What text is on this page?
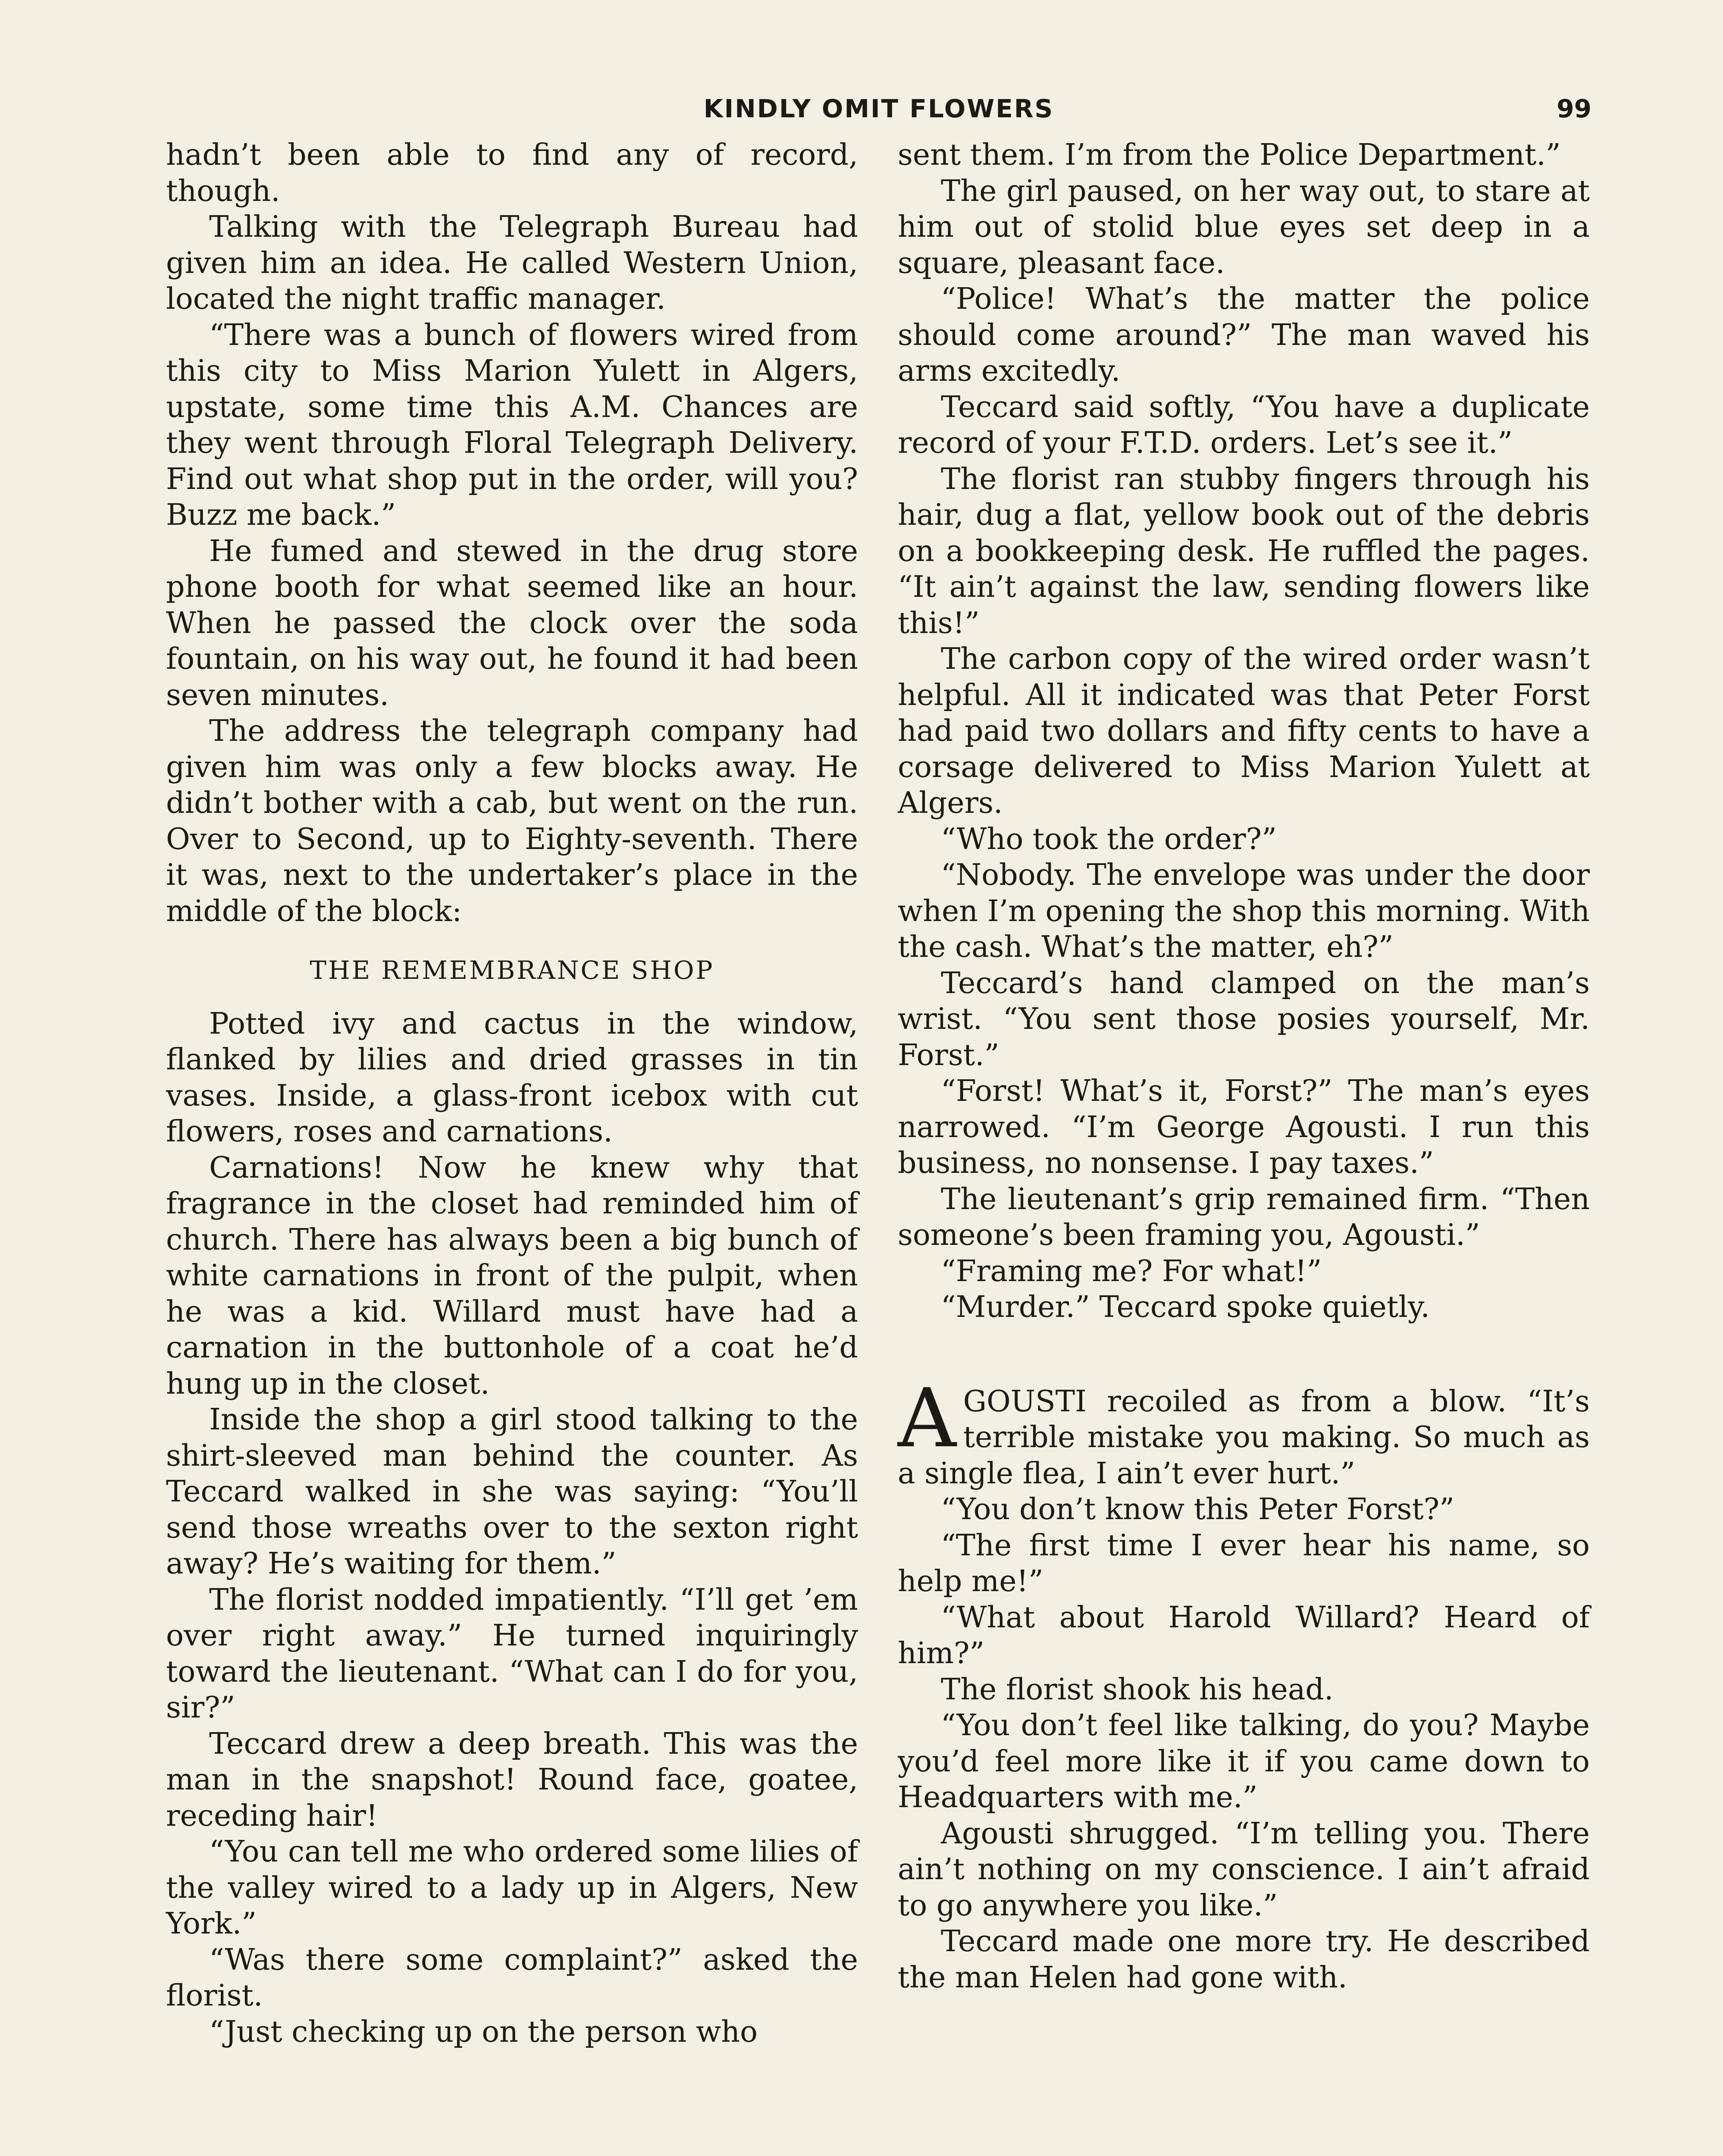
KINDLY OMIT FLOWERS	99

hadn’t been able to find any of record, though.

Talking with the Telegraph Bureau had given him an idea. He called Western Union, located the night traffic manager.

“There was a bunch of flowers wired from this city to Miss Marion Yulett in Algers, upstate, some time this A.M. Chances are they went through Floral Telegraph Delivery. Find out what shop put in the order, will you? Buzz me back.”

He fumed and stewed in the drug store phone booth for what seemed like an hour. When he passed the clock over the soda fountain, on his way out, he found it had been seven minutes.

The address the telegraph company had given him was only a few blocks away. He didn’t bother with a cab, but went on the run. Over to Second, up to Eighty-seventh. There it was, next to the undertaker’s place in the middle of the block:

THE REMEMBRANCE SHOP

Potted ivy and cactus in the window, flanked by lilies and dried grasses in tin vases. Inside, a glass-front icebox with cut flowers, roses and carnations.

Carnations! Now he knew why that fragrance in the closet had reminded him of church. There has always been a big bunch of white carnations in front of the pulpit, when he was a kid. Willard must have had a carnation in the buttonhole of a coat he’d hung up in the closet.

Inside the shop a girl stood talking to the shirt-sleeved man behind the counter. As Teccard walked in she was saying: “You’ll send those wreaths over to the sexton right away? He’s waiting for them.”

The florist nodded impatiently. “I’ll get ’em over right away.” He turned inquiringly toward the lieutenant. “What can I do for you, sir?”

Teccard drew a deep breath. This was the man in the snapshot! Round face, goatee, receding hair!

“You can tell me who ordered some lilies of the valley wired to a lady up in Algers, New York.”

“Was there some complaint?” asked the florist.

“Just checking up on the person who

sent them. I’m from the Police Department.”

The girl paused, on her way out, to stare at him out of stolid blue eyes set deep in a square, pleasant face.

“Police! What’s the matter the police should come around?” The man waved his arms excitedly.

Teccard said softly, “You have a duplicate record of your F.T.D. orders. Let’s see it.”

The florist ran stubby fingers through his hair, dug a flat, yellow book out of the debris on a bookkeeping desk. He ruffled the pages. “It ain’t against the law, sending flowers like this!”

The carbon copy of the wired order wasn’t helpful. All it indicated was that Peter Forst had paid two dollars and fifty cents to have a corsage delivered to Miss Marion Yulett at Algers.

“Who took the order?”

“Nobody. The envelope was under the door when I’m opening the shop this morning. With the cash. What’s the matter, eh?”

Teccard’s hand clamped on the man’s wrist. “You sent those posies yourself, Mr. Forst.”

“Forst! What’s it, Forst?” The man’s eyes narrowed. “I’m George Agousti. I run this business, no nonsense. I pay taxes.”

The lieutenant’s grip remained firm. “Then someone’s been framing you, Agousti.”

“Framing me? For what!”

“Murder.” Teccard spoke quietly.

AGOUSTI recoiled as from a blow. “It’s terrible mistake you making. So much as a single flea, I ain’t ever hurt.”

“You don’t know this Peter Forst?”

“The first time I ever hear his name, so help me!”

“What about Harold Willard? Heard of him?”

The florist shook his head.

“You don’t feel like talking, do you? Maybe you’d feel more like it if you came down to Headquarters with me.”

Agousti shrugged. “I’m telling you. There ain’t nothing on my conscience. I ain’t afraid to go anywhere you like.”

Teccard made one more try. He described the man Helen had gone with.
